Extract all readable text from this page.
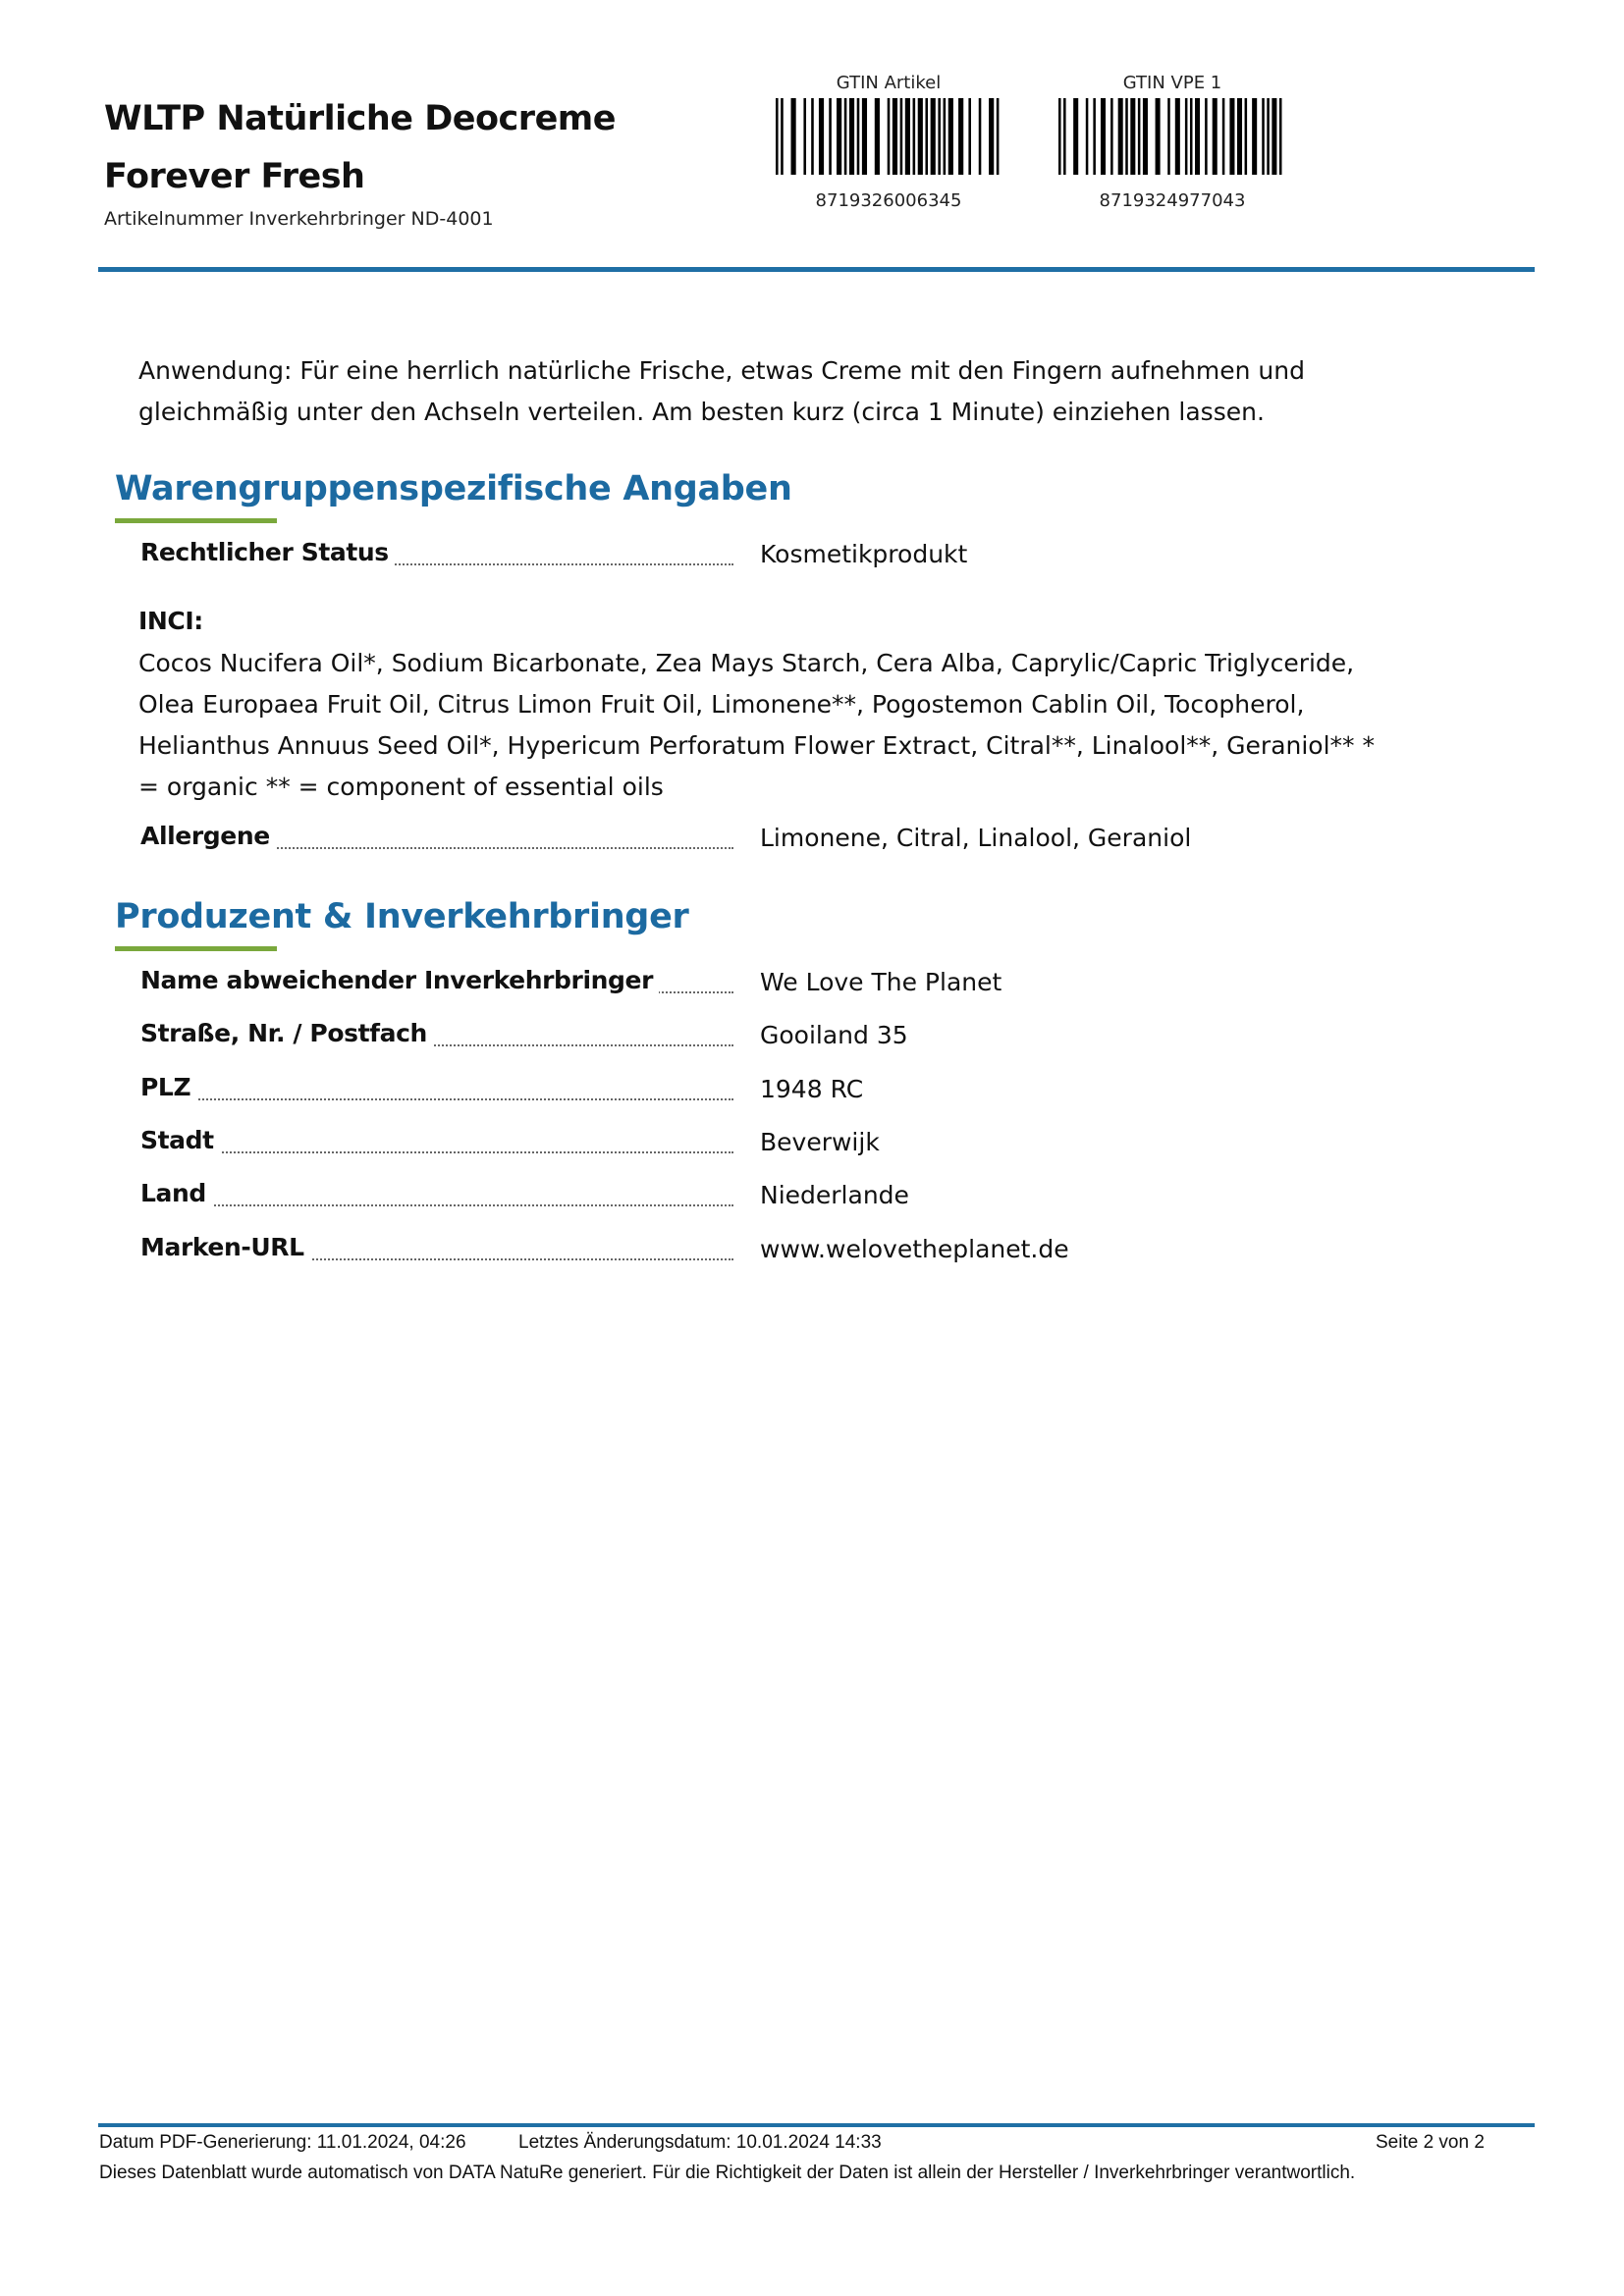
WLTP Natürliche Deocreme Forever Fresh
Artikelnummer Inverkehrbringer ND-4001
GTIN Artikel
8719326006345
GTIN VPE 1
8719324977043
Anwendung: Für eine herrlich natürliche Frische, etwas Creme mit den Fingern aufnehmen und gleichmäßig unter den Achseln verteilen. Am besten kurz (circa 1 Minute) einziehen lassen.
Warengruppenspezifische Angaben
Rechtlicher Status	Kosmetikprodukt
INCI:
Cocos Nucifera Oil*, Sodium Bicarbonate, Zea Mays Starch, Cera Alba, Caprylic/Capric Triglyceride, Olea Europaea Fruit Oil, Citrus Limon Fruit Oil, Limonene**, Pogostemon Cablin Oil, Tocopherol, Helianthus Annuus Seed Oil*, Hypericum Perforatum Flower Extract, Citral**, Linalool**, Geraniol** * = organic ** = component of essential oils
Allergene	Limonene, Citral, Linalool, Geraniol
Produzent & Inverkehrbringer
Name abweichender Inverkehrbringer	We Love The Planet
Straße, Nr. / Postfach	Gooiland 35
PLZ	1948 RC
Stadt	Beverwijk
Land	Niederlande
Marken-URL	www.welovetheplanet.de
Datum PDF-Generierung: 11.01.2024, 04:26	Letztes Änderungsdatum: 10.01.2024 14:33	Seite 2 von 2
Dieses Datenblatt wurde automatisch von DATA NatuRe generiert. Für die Richtigkeit der Daten ist allein der Hersteller / Inverkehrbringer verantwortlich.
